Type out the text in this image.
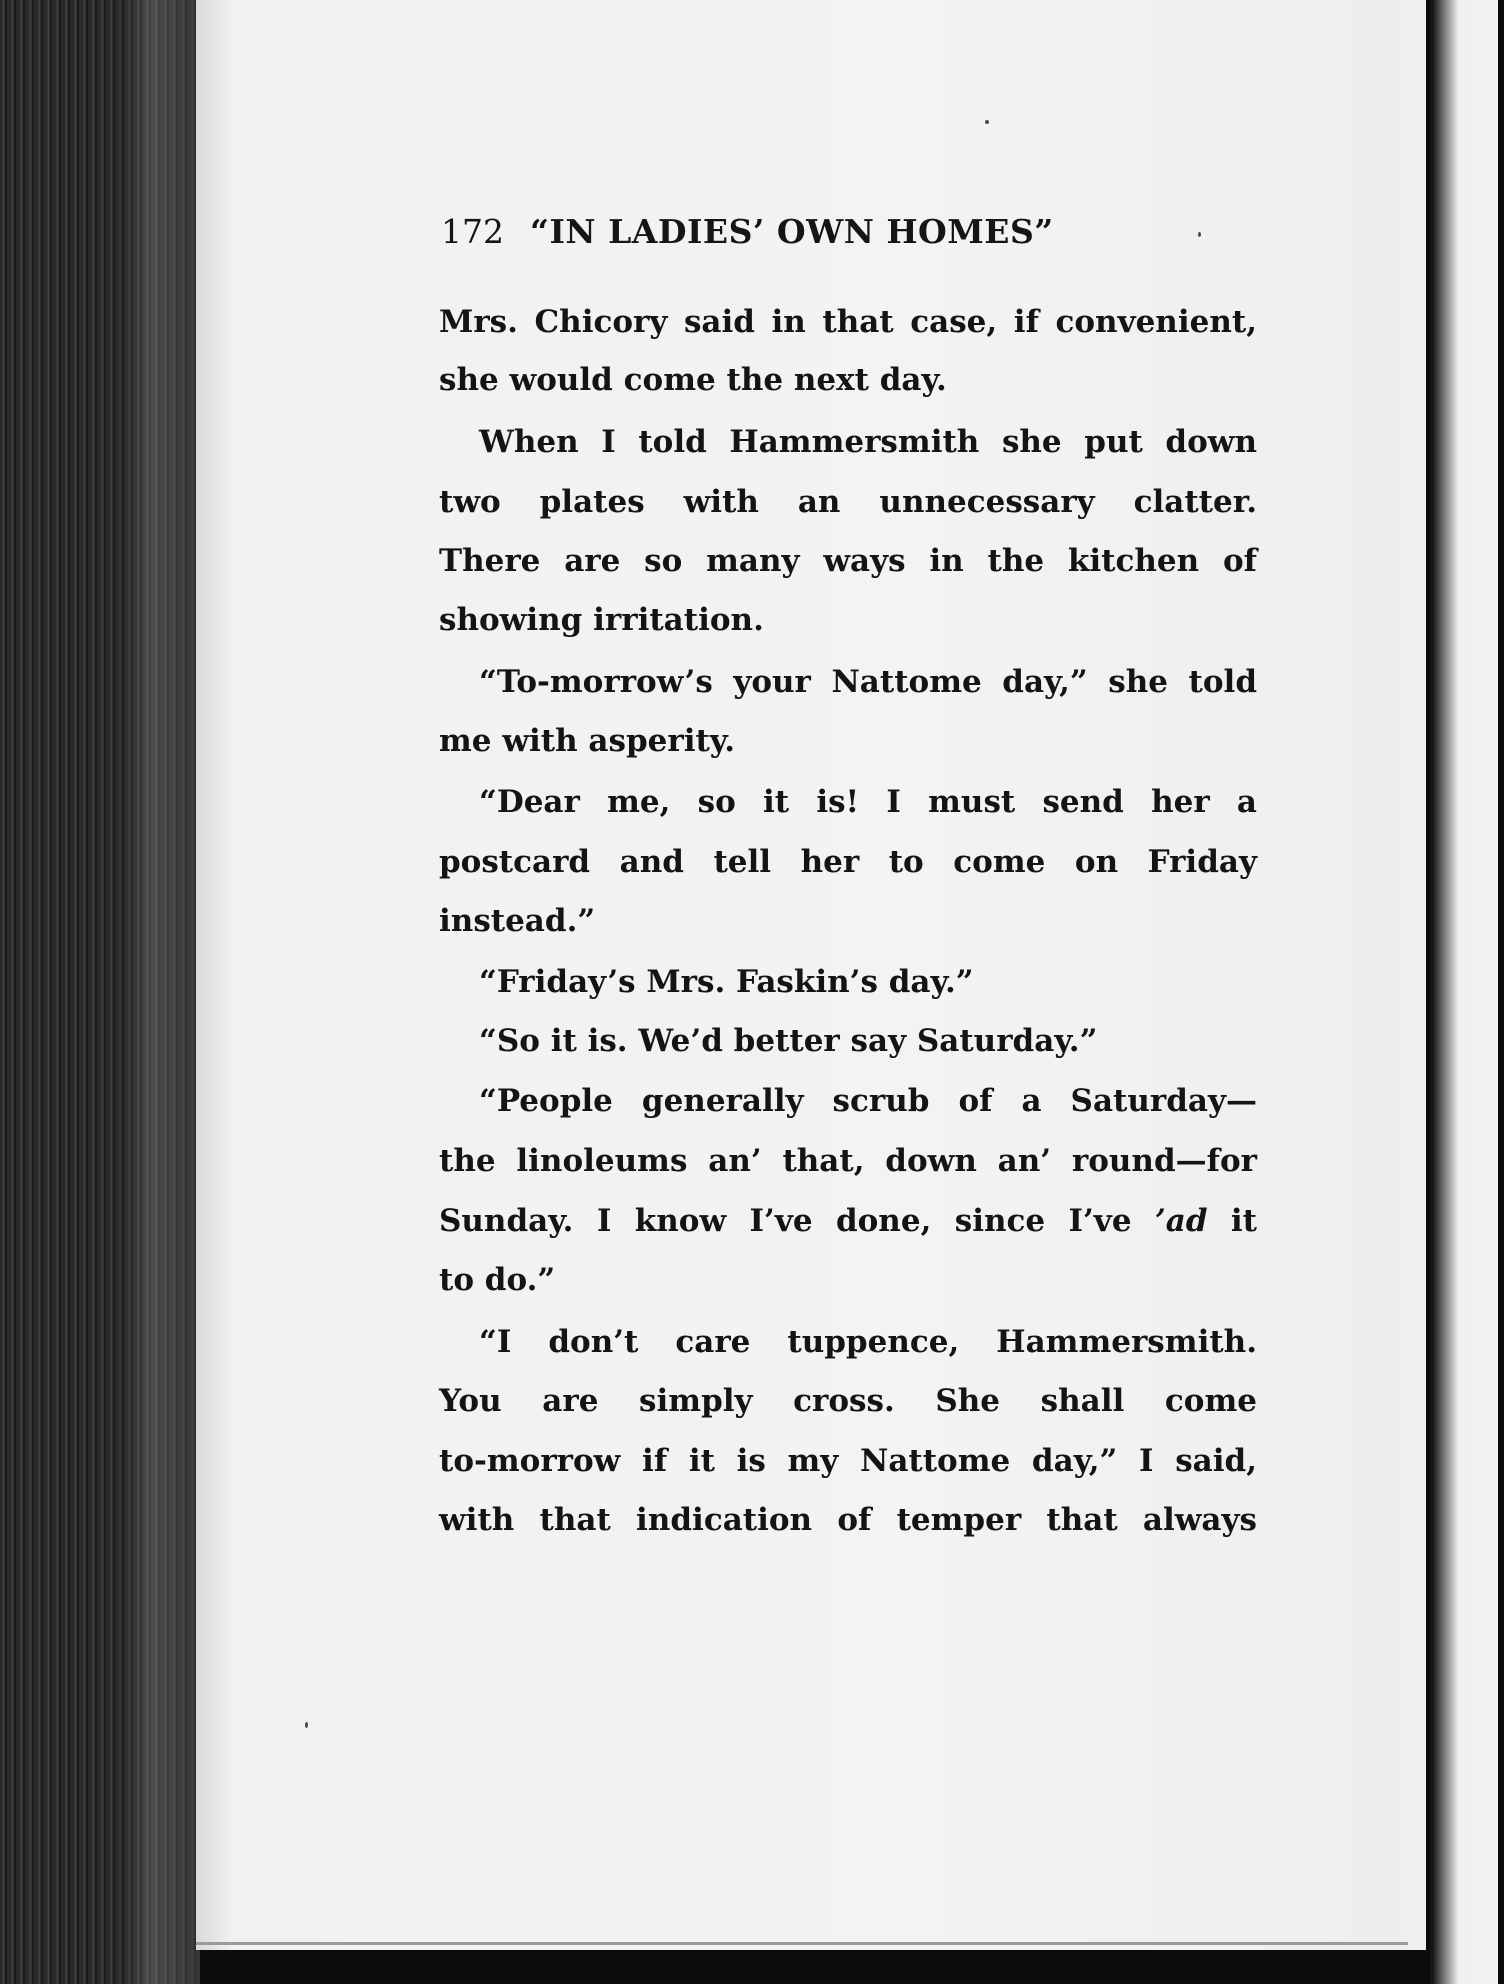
172 “IN LADIES’ OWN HOMES”
Mrs. Chicory said in that case, if convenient,
she would come the next day.
When I told Hammersmith she put down
two plates with an unnecessary clatter.
There are so many ways in the kitchen of
showing irritation.
“To-morrow’s your Nattome day,” she told
me with asperity.
“Dear me, so it is! I must send her a
postcard and tell her to come on Friday
instead.”
“Friday’s Mrs. Faskin’s day.”
“So it is. We’d better say Saturday.”
“People generally scrub of a Saturday—
the linoleums an’ that, down an’ round—for
Sunday. I know I’ve done, since I’ve ’ad it
to do.”
“I don’t care tuppence, Hammersmith.
You are simply cross. She shall come
to-morrow if it is my Nattome day,” I said,
with that indication of temper that always
